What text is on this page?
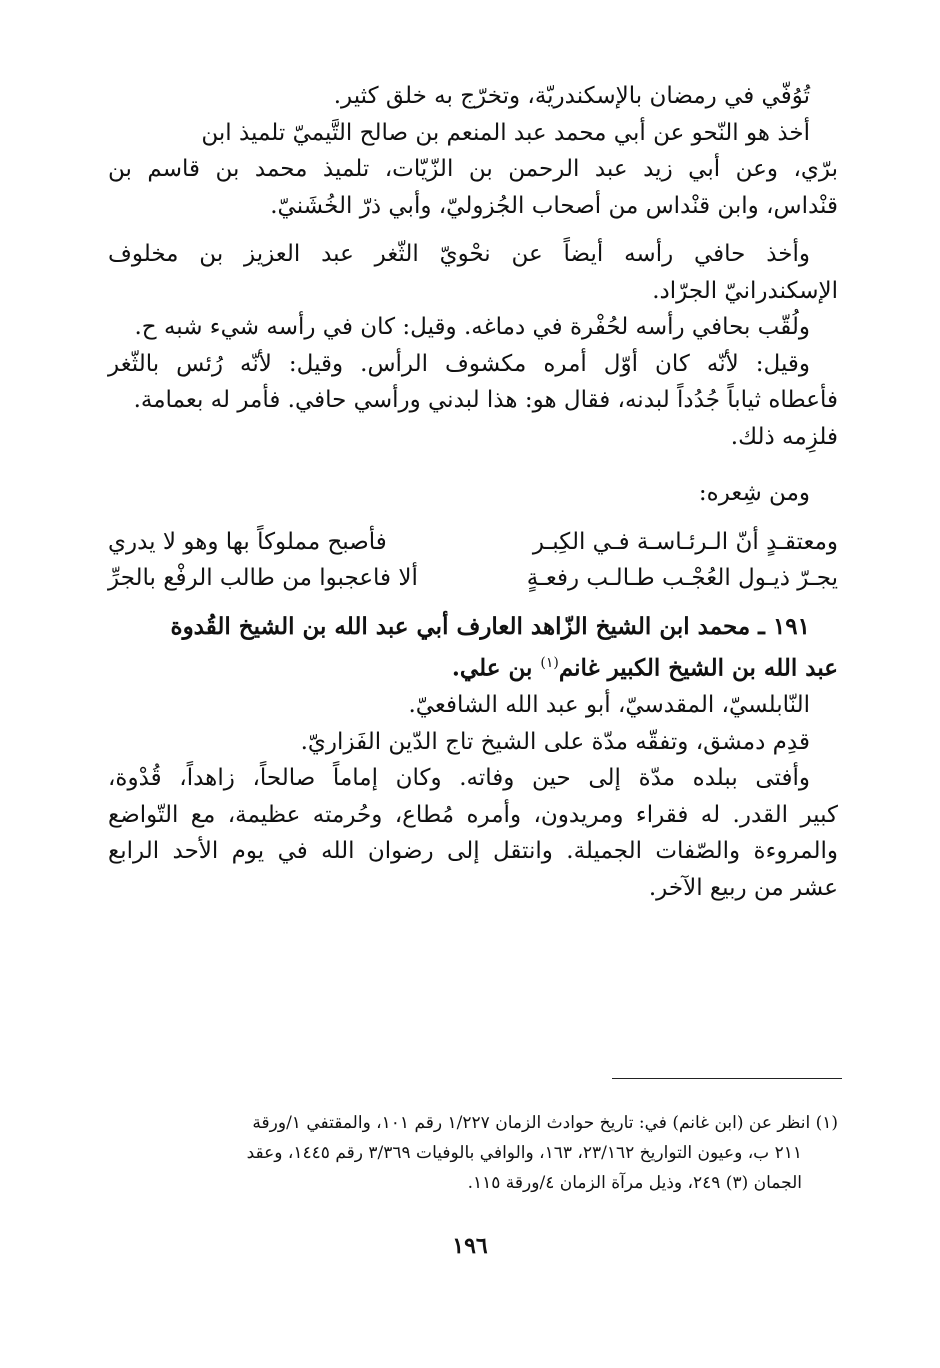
تُوُفّي في رمضان بالإسكندريّة، وتخرّج به خلق كثير.
أخذ هو النّحو عن أبي محمد عبد المنعم بن صالح التَّيميّ تلميذ ابن
برّي، وعن أبي زيد عبد الرحمن بن الزّيّات، تلميذ محمد بن قاسم بن
قنْداس، وابن قنْداس من أصحاب الجُزوليّ، وأبي ذرّ الخُشَنيّ.
وأخذ حافي رأسه أيضاً عن نحْويّ الثّغر عبد العزيز بن مخلوف
الإسكندرانيّ الجرّاد.
ولُقّب بحافي رأسه لحُفْرة في دماغه. وقيل: كان في رأسه شيء شبه ح.
وقيل: لأنّه كان أوّل أمره مكشوف الرأس. وقيل: لأنّه رُئس بالثّغر
فأعطاه ثياباً جُدُداً لبدنه، فقال هو: هذا لبدني ورأسي حافي. فأمر له بعمامة.
فلزِمه ذلك.
ومن شِعره:
ومعتقـدٍ أنّ الـرئـاسـة فـي الكِبـر
فأصبح مملوكاً بها وهو لا يدري
يجـرّ ذيـول العُجْـب طـالـب رفعـةٍ
ألا فاعجبوا من طالب الرفْع بالجرِّ
١٩١ ـ محمد ابن الشيخ الزّاهد العارف أبي عبد الله بن الشيخ القُدوة
عبد الله بن الشيخ الكبير غانم$^{(١)}$ بن علي.
النّابلسيّ، المقدسيّ، أبو عبد الله الشافعيّ.
قدِم دمشق، وتفقّه مدّة على الشيخ تاج الدّين الفَزاريّ.
وأفتى ببلده مدّة إلى حين وفاته. وكان إماماً صالحاً، زاهداً، قُدْوة،
كبير القدر. له فقراء ومريدون، وأمره مُطاع، وحُرمته عظيمة، مع التّواضع
والمروءة والصّفات الجميلة. وانتقل إلى رضوان الله في يوم الأحد الرابع
عشر من ربيع الآخر.
(١) انظر عن (ابن غانم) في: تاريخ حوادث الزمان ١/٢٢٧ رقم ١٠١، والمقتفي ١/ورقة
٢١١ ب، وعيون التواريخ ٢٣/١٦٢، ١٦٣، والوافي بالوفيات ٣/٣٦٩ رقم ١٤٤٥، وعقد
الجمان (٣) ٢٤٩، وذيل مرآة الزمان ٤/ورقة ١١٥.
١٩٦
